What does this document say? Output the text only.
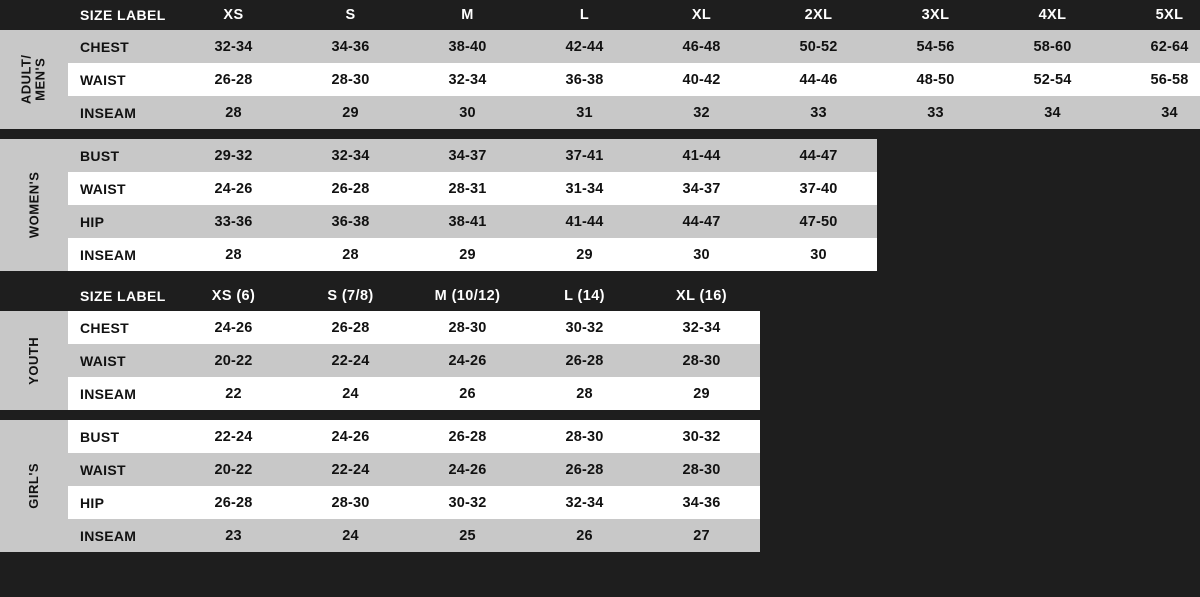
	SIZE LABEL	XS	S	M	L	XL	2XL	3XL	4XL	5XL

ADULT/
MEN'S	CHEST	32-34	34-36	38-40	42-44	46-48	50-52	54-56	58-60	62-64
	WAIST	26-28	28-30	32-34	36-38	40-42	44-46	48-50	52-54	56-58
	INSEAM	28	29	30	31	32	33	33	34	34
WOMEN'S	BUST	29-32	32-34	34-37	37-41	41-44	44-47			
	WAIST	24-26	26-28	28-31	31-34	34-37	37-40			
	HIP	33-36	36-38	38-41	41-44	44-47	47-50			
	INSEAM	28	28	29	29	30	30			
	SIZE LABEL	XS (6)	S (7/8)	M (10/12)	L (14)	XL (16)				

YOUTH	CHEST	24-26	26-28	28-30	30-32	32-34				
	WAIST	20-22	22-24	24-26	26-28	28-30				
	INSEAM	22	24	26	28	29				
GIRL'S	BUST	22-24	24-26	26-28	28-30	30-32				
	WAIST	20-22	22-24	24-26	26-28	28-30				
	HIP	26-28	28-30	30-32	32-34	34-36				
	INSEAM	23	24	25	26	27				
